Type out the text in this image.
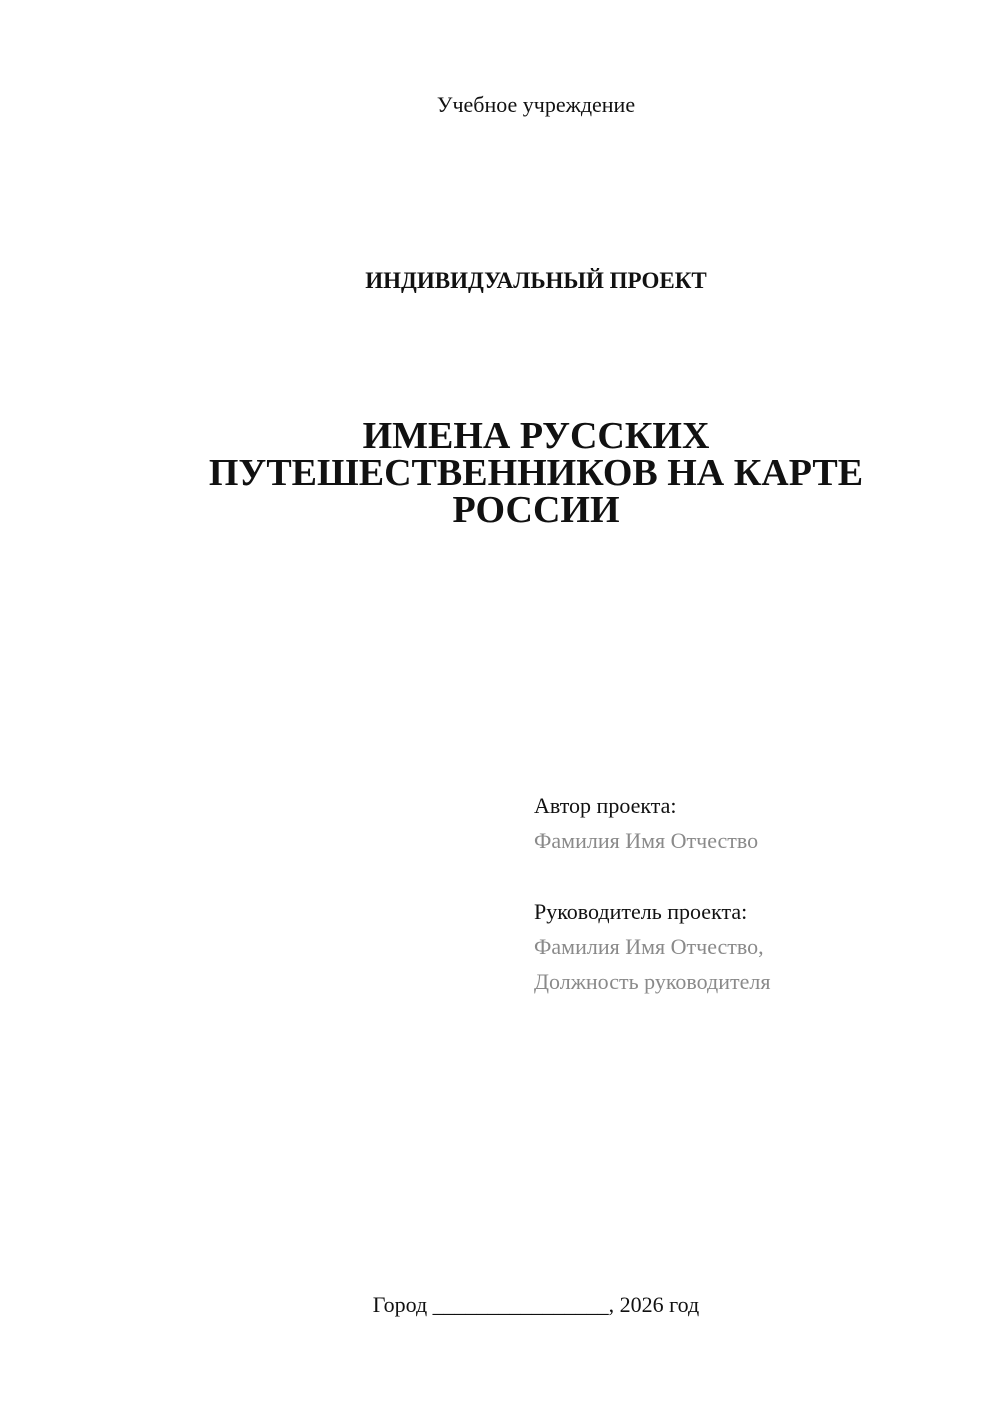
Учебное учреждение
ИНДИВИДУАЛЬНЫЙ ПРОЕКТ
ИМЕНА РУССКИХ
ПУТЕШЕСТВЕННИКОВ НА КАРТЕ
РОССИИ
Автор проекта:
Фамилия Имя Отчество
Руководитель проекта:
Фамилия Имя Отчество,
Должность руководителя
Город ________________, 2026 год
